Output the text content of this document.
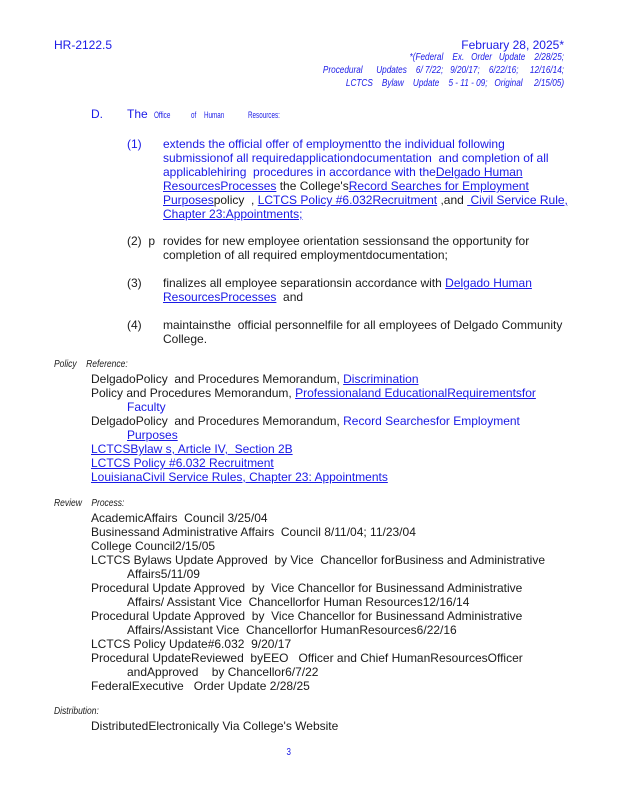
HR-2122.5	February 28, 2025*
*(Federal    Ex.   Order   Update    2/28/25;
Procedural      Updates    6/ 7/22;   9/20/17;    6/22/16;     12/16/14;
LCTCS    Bylaw    Update    5 - 11 - 09;   Original     2/15/05)
D. The Office of Human	Resources:
(1) extends the official offer of employmentto the individual following
submissionof all requiredapplicationdocumentation  and completion of all
applicablehiring  procedures in accordance with theDelgado Human
ResourcesProcesses the College'sRecord Searches for Employment
Purposespolicy  , LCTCS Policy #6.032Recruitment ,and  Civil Service Rule,
Chapter 23:Appointments;
(2)  p rovides for new employee orientation sessionsand the opportunity for
completion of all required employmentdocumentation;
(3) finalizes all employee separationsin accordance with Delgado Human
ResourcesProcesses  and
(4) maintainsthe  official personnelfile for all employees of Delgado Community
College.
Policy    Reference:
DelgadoPolicy  and Procedures Memorandum, Discrimination
Policy and Procedures Memorandum, Professionaland EducationalRequirementsfor
Faculty
DelgadoPolicy  and Procedures Memorandum, Record Searchesfor Employment
Purposes
LCTCSBylaw s, Article IV,  Section 2B
LCTCS Policy #6.032 Recruitment
LouisianaCivil Service Rules, Chapter 23: Appointments
Review    Process:
AcademicAffairs  Council 3/25/04
Businessand Administrative Affairs  Council 8/11/04; 11/23/04
College Council2/15/05
LCTCS Bylaws Update Approved  by Vice  Chancellor forBusiness and Administrative
Affairs5/11/09
Procedural Update Approved  by  Vice Chancellor for Businessand Administrative
Affairs/ Assistant Vice  Chancellorfor Human Resources12/16/14
Procedural Update Approved  by  Vice Chancellor for Businessand Administrative
Affairs/Assistant Vice  Chancellorfor HumanResources6/22/16
LCTCS Policy Update#6.032  9/20/17
Procedural UpdateReviewed  byEEO   Officer and Chief HumanResourcesOfficer
andApproved    by Chancellor6/7/22
FederalExecutive   Order Update 2/28/25
Distribution:
DistributedElectronically Via College's Website
3
